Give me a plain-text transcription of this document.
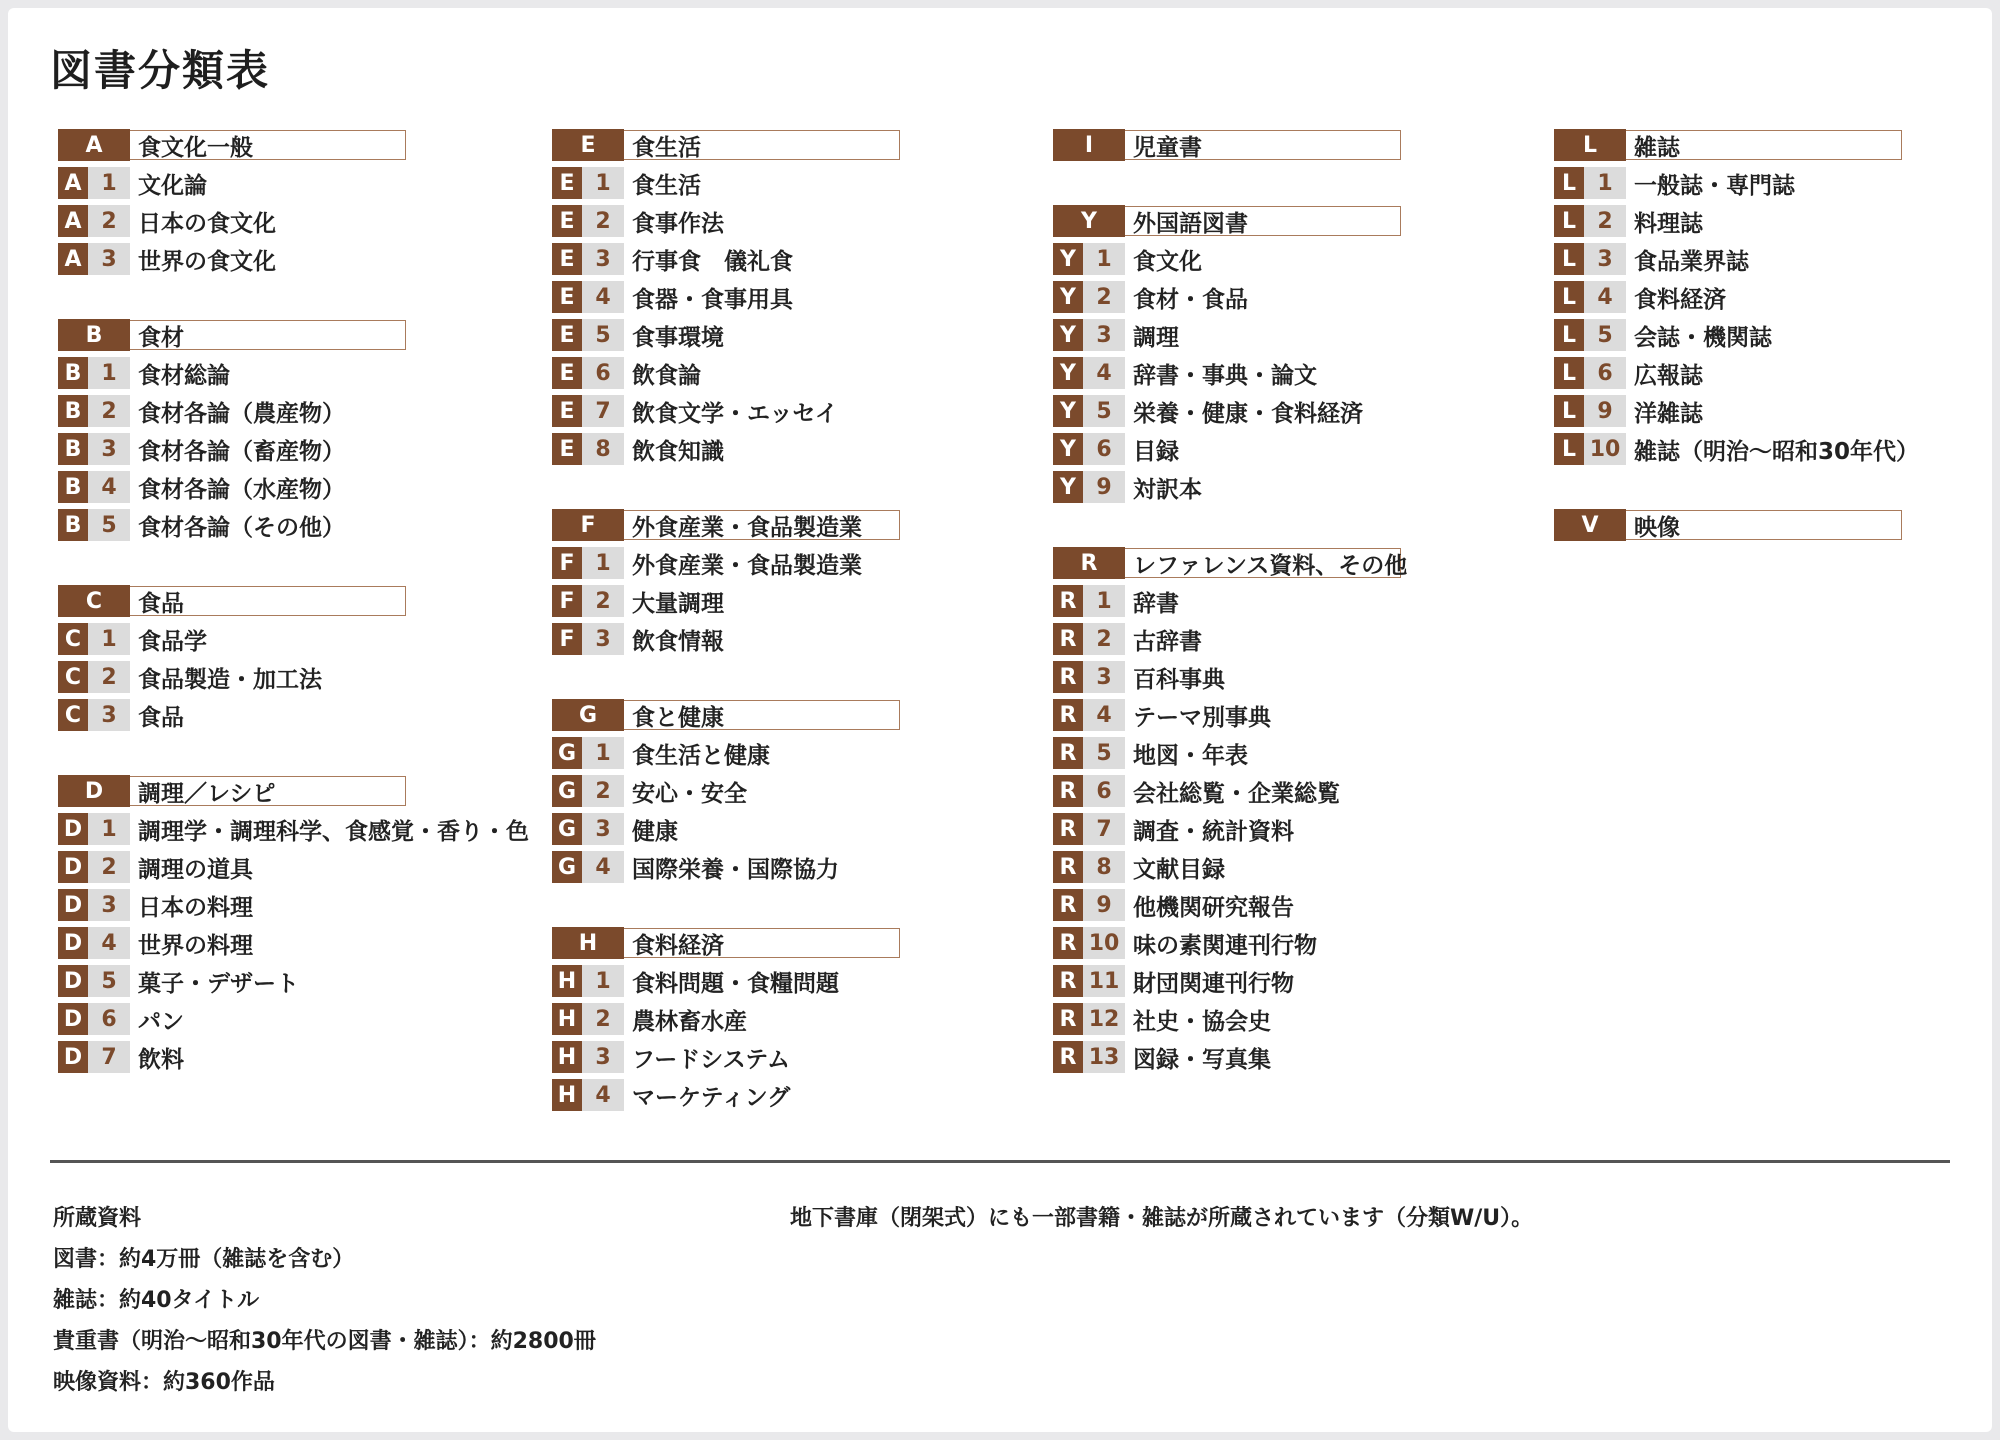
図書分類表
A	食文化一般
A 1 文化論
A 2 日本の食文化
A 3 世界の食文化
B	食材
B 1 食材総論
B 2 食材各論（農産物）
B 3 食材各論（畜産物）
B 4 食材各論（水産物）
B 5 食材各論（その他）
C	食品
C 1 食品学
C 2 食品製造・加工法
C 3 食品
D	調理／レシピ
D 1 調理学・調理科学、食感覚・香り・色
D 2 調理の道具
D 3 日本の料理
D 4 世界の料理
D 5 菓子・デザート
D 6 パン
D 7 飲料
E	食生活
E 1 食生活
E 2 食事作法
E 3 行事食　儀礼食
E 4 食器・食事用具
E 5 食事環境
E 6 飲食論
E 7 飲食文学・エッセイ
E 8 飲食知識
F	外食産業・食品製造業
F 1 外食産業・食品製造業
F 2 大量調理
F 3 飲食情報
G	食と健康
G 1 食生活と健康
G 2 安心・安全
G 3 健康
G 4 国際栄養・国際協力
H	食料経済
H 1 食料問題・食糧問題
H 2 農林畜水産
H 3 フードシステム
H 4 マーケティング
I	児童書
Y	外国語図書
Y 1 食文化
Y 2 食材・食品
Y 3 調理
Y 4 辞書・事典・論文
Y 5 栄養・健康・食料経済
Y 6 目録
Y 9 対訳本
R	レファレンス資料、その他
R 1 辞書
R 2 古辞書
R 3 百科事典
R 4 テーマ別事典
R 5 地図・年表
R 6 会社総覧・企業総覧
R 7 調査・統計資料
R 8 文献目録
R 9 他機関研究報告
R 10 味の素関連刊行物
R 11 財団関連刊行物
R 12 社史・協会史
R 13 図録・写真集
L	雑誌
L 1 一般誌・専門誌
L 2 料理誌
L 3 食品業界誌
L 4 食料経済
L 5 会誌・機関誌
L 6 広報誌
L 9 洋雑誌
L 10 雑誌（明治～昭和30年代）
V	映像
所蔵資料
図書：約4万冊（雑誌を含む）
雑誌：約40タイトル
貴重書（明治～昭和30年代の図書・雑誌）：約2800冊
映像資料：約360作品
地下書庫（閉架式）にも一部書籍・雑誌が所蔵されています（分類W/U）。
